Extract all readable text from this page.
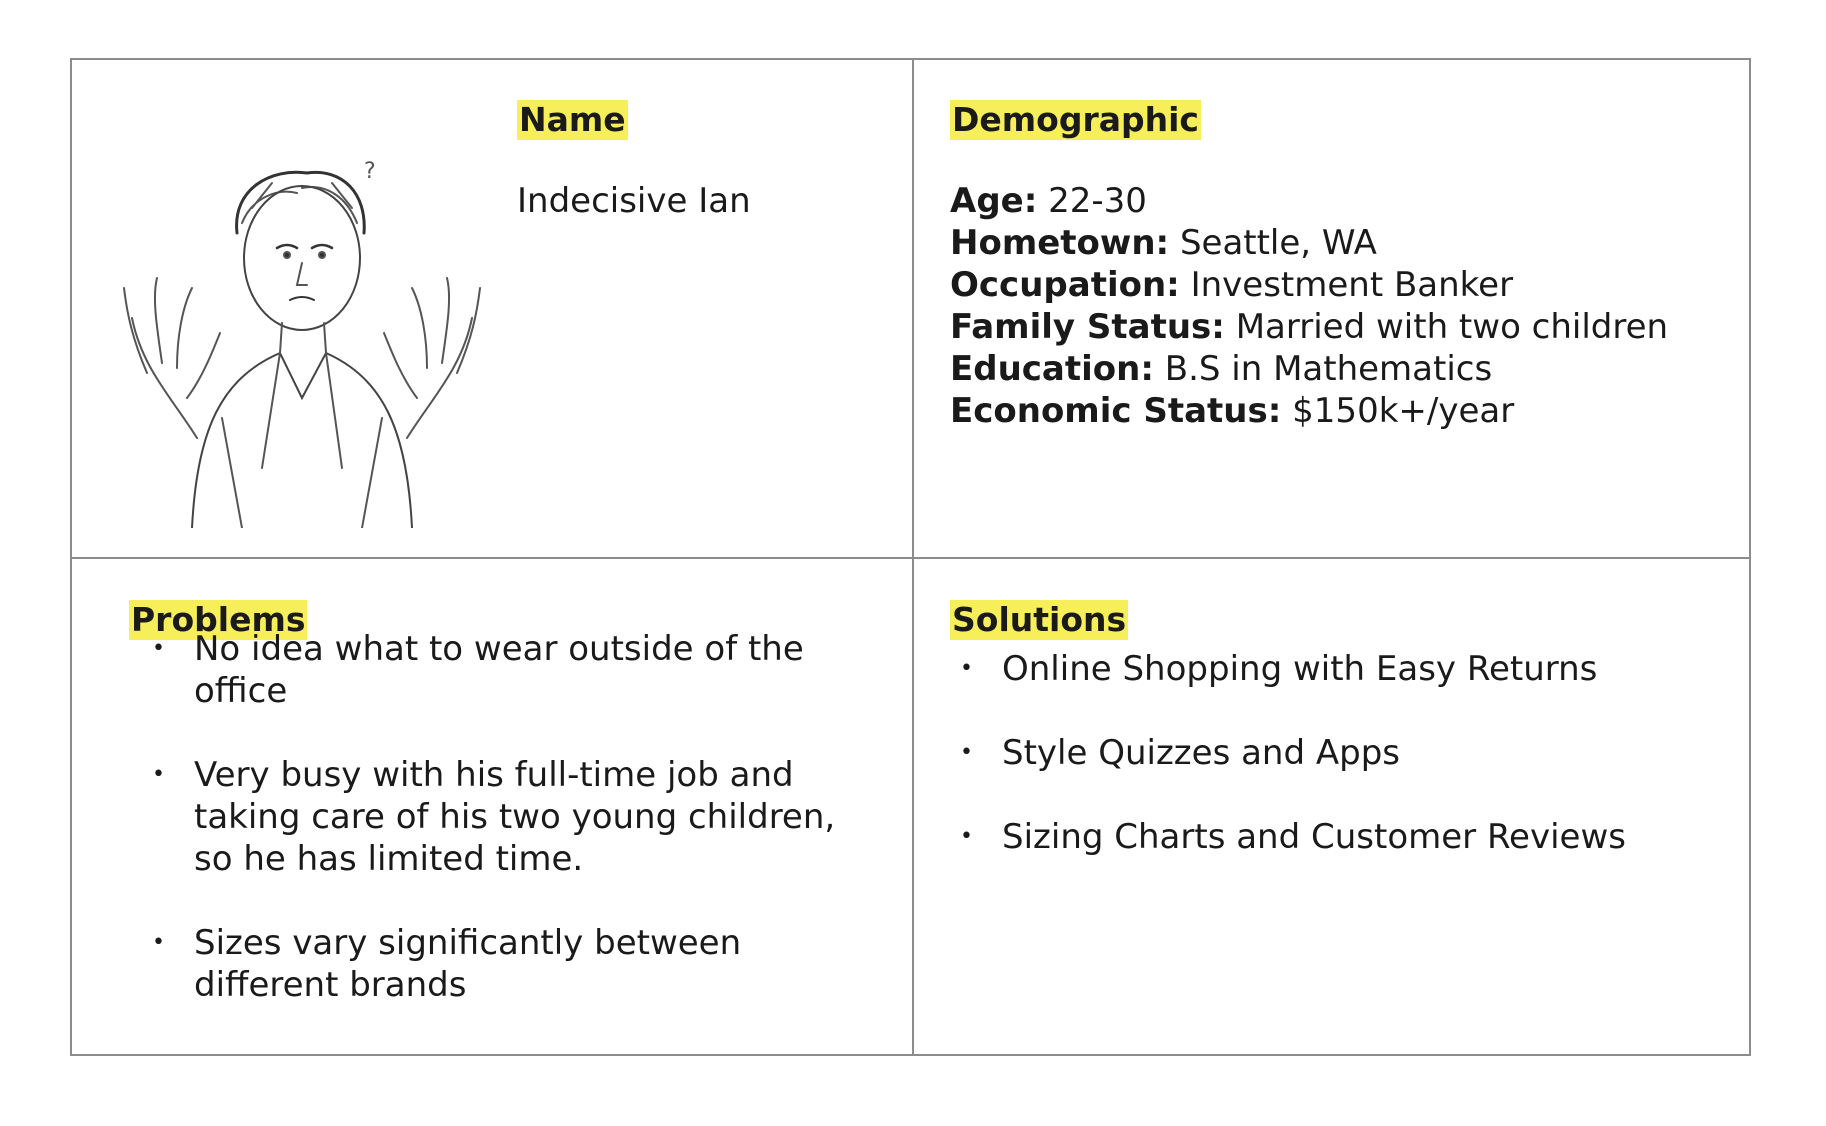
?
Name
Indecisive Ian
Demographic
Age: 22-30
Hometown: Seattle, WA
Occupation: Investment Banker
Family Status: Married with two children
Education: B.S in Mathematics
Economic Status: $150k+/year
Problems
• No idea what to wear outside of the office
• Very busy with his full-time job and taking care of his two young children, so he has limited time.
• Sizes vary significantly between different brands
Solutions
• Online Shopping with Easy Returns
• Style Quizzes and Apps
• Sizing Charts and Customer Reviews
